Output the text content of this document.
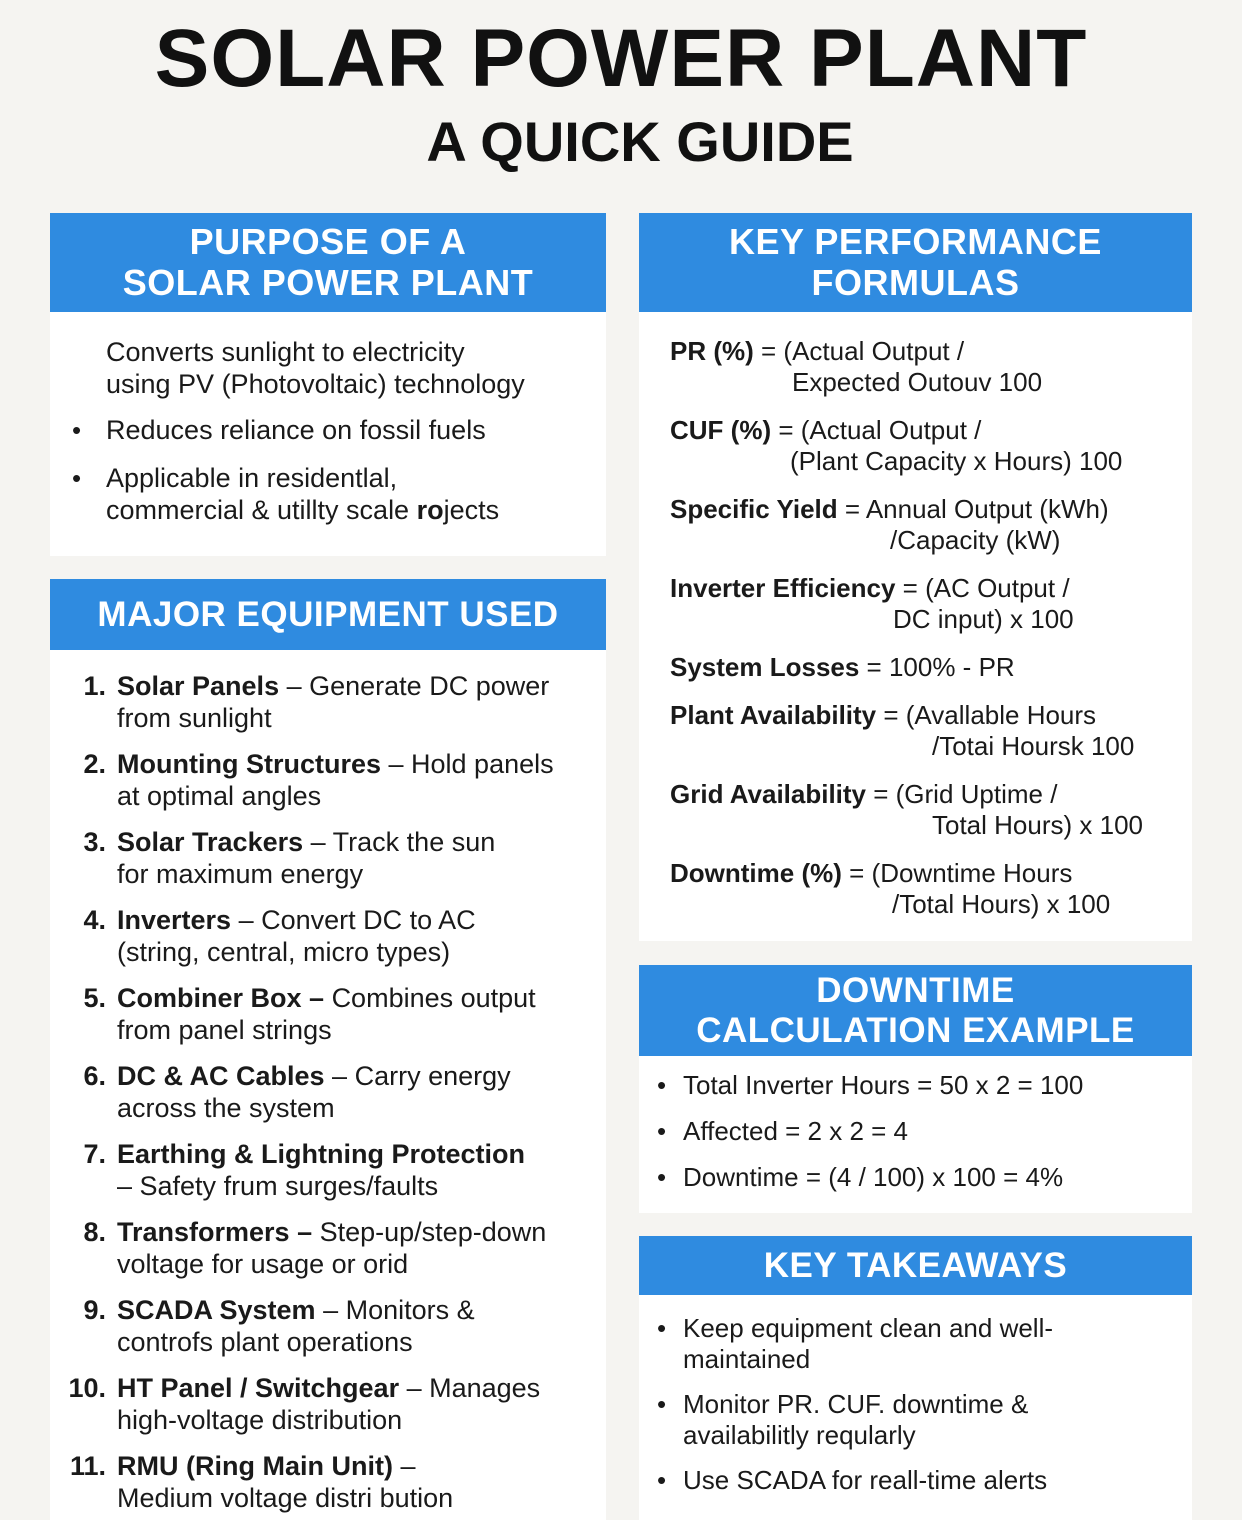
SOLAR POWER PLANT
A QUICK GUIDE
PURPOSE OF A
SOLAR POWER PLANT
Converts sunlight to electricity
using PV (Photovoltaic) technology
• Reduces reliance on fossil fuels
• Applicable in residentlal,
commercial & utillty scale rojects
MAJOR EQUIPMENT USED
1. Solar Panels – Generate DC power
from sunlight
2. Mounting Structures – Hold panels
at optimal angles
3. Solar Trackers – Track the sun
for maximum energy
4. Inverters – Convert DC to AC
(string, central, micro types)
5. Combiner Box – Combines output
from panel strings
6. DC & AC Cables – Carry energy
across the system
7. Earthing & Lightning Protection
– Safety frum surges/faults
8. Transformers – Step-up/step-down
voltage for usage or orid
9. SCADA System – Monitors &
controfs plant operations
10. HT Panel / Switchgear – Manages
high-voltage distribution
11. RMU (Ring Main Unit) –
Medium voltage distri bution
KEY PERFORMANCE
FORMULAS
PR (%) = (Actual Output /
Expected Outouv 100
CUF (%) = (Actual Output /
(Plant Capacity x Hours) 100
Specific Yield = Annual Output (kWh)
/Capacity (kW)
Inverter Efficiency = (AC Output /
DC input) x 100
System Losses = 100% - PR
Plant Availability = (Avallable Hours
/Totai Hoursk 100
Grid Availability = (Grid Uptime /
Total Hours) x 100
Downtime (%) = (Downtime Hours
/Total Hours) x 100
DOWNTIME
CALCULATION EXAMPLE
• Total Inverter Hours = 50 x 2 = 100
• Affected = 2 x 2 = 4
• Downtime = (4 / 100) x 100 = 4%
KEY TAKEAWAYS
• Keep equipment clean and well-
maintained
• Monitor PR. CUF. downtime &
availabilitly reqularly
• Use SCADA for reall-time alerts
